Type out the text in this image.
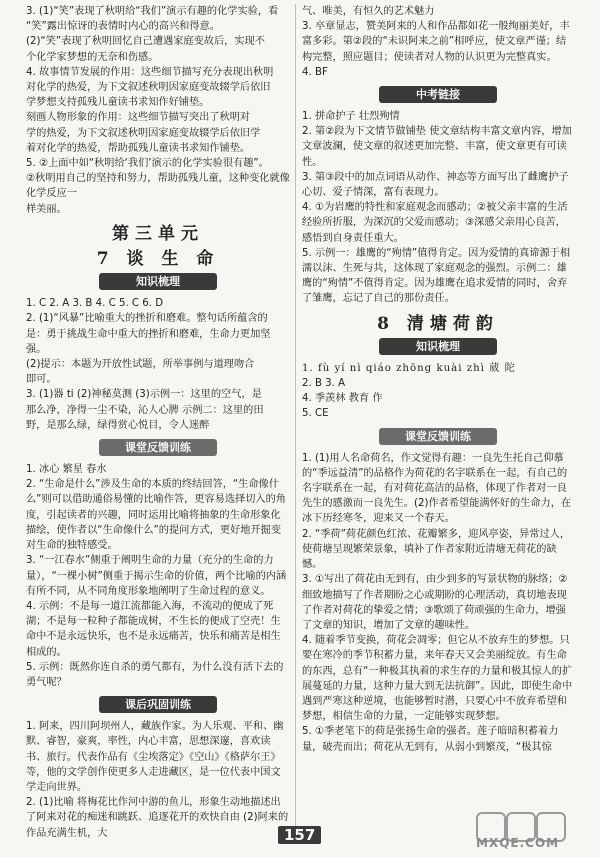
3. (1)“笑”表现了秋明给“我们”演示有趣的化学实验，看
“笑”露出惊讶的表情时内心的高兴和得意。
(2)“笑”表现了秋明回忆自己遭遇家庭变故后，实现不
个化学家梦想的无奈和伤感。
4. 故事情节发展的作用：这些细节描写充分表现出秋明
对化学的热爱，为下文叙述秋明因家庭变故辍学后依旧
学梦想支持孤残儿童读书求知作好铺垫。
刻画人物形象的作用：这些细节描写突出了秋明对
学的热爱，为下文叙述秋明因家庭变故辍学后依旧学
着对化学的热爱，帮助孤残儿童读书求知作铺垫。
5. ②上面中如“秋明给‘我们’演示的化学实验很有趣”。
②秋明用自己的坚持和努力，帮助孤残儿童，这种变化就像化学反应一
样美丽。
第三单元
7 谈 生 命
知识梳理
1. C 2. A 3. B 4. C 5. C 6. D
2. (1)“风暴”比喻重大的挫折和磨难。整句话所蕴含的
是：勇于挑战生命中重大的挫折和磨难，生命力更加坚强。
(2)提示：本题为开放性试题，所举事例与道理吻合
即可。
3. (1)器 ti (2)神秘莫测 (3)示例一：这里的空气，是
那么净，净得一尘不染，沁人心脾 示例二：这里的田
野，是那么绿，绿得赏心悦目，令人迷醉
课堂反馈训练
1. 冰心 繁星 春水
2. “生命是什么”涉及生命的本质的终结回答，“生命像什么”则可以借助通俗易懂的比喻作答，更容易选择切入的角度，引起读者的兴趣，同时运用比喻将抽象的生命形象化描绘，使作者以“生命像什么”的提问方式，更好地开掘变对生命的独特感受。
3. “一江春水”侧重于阐明生命的力量（充分的生命的力量），“一棵小树”侧重于揭示生命的价值，两个比喻的内涵有所不同，从不同角度形象地阐明了生命过程的意义。
4. 示例：不是每一道江流都能入海，不流动的便成了死湖；不是每一粒种子都能成树，不生长的便成了空壳！生命中不是永远快乐，也不是永远痛苦，快乐和痛苦是相生相成的。
5. 示例：既然你连自杀的勇气都有，为什么没有活下去的勇气呢？
课后巩固训练
1. 阿来，四川阿坝州人，藏族作家。为人乐观、平和、幽默、睿智，豪爽，率性，内心丰富，思想深邃，喜欢读书、旅行。代表作品有《尘埃落定》《空山》《格萨尔王》等，他的文学创作使更多人走进藏区，是一位代表中国文学走向世界。
2. (1)比喻 将梅花比作河中游的鱼儿，形象生动地描述出了阿来对花的痴迷和跳跃、追逐花开的欢快自由 (2)阿来的作品充满生机，大
气、唯美，有恒久的艺术魅力
3. 卒章显志，赞美阿来的人和作品都如花一般绚丽美好，丰富多彩。第②段的“未识阿来之前”相呼应，使文章严谨；结构完整，照应题目；使读者对人物的认识更为完整真实。
4. BF
中考链接
1. 拼命护子 壮烈殉情
2. 第②段为下文情节做铺垫 使文章结构丰富文章内容，增加文章波澜，使文章的叙述更加完整、丰富，使文章更有可读性。
3. 第③段中的加点词语从动作、神态等方面写出了雌鹰护子心切、爱子情深，富有表现力。
4. ①为岩鹰的特性和家庭观念而感动；②被父亲丰富的生活经验所折服，为深沉的父爱而感动；③深感父亲用心良苦，感悟到自身责任重大。
5. 示例一：雄鹰的“殉情”值得肯定。因为爱情的真谛源于相濡以沫、生死与共，这体现了家庭观念的强烈。示例二：雄鹰的“殉情”不值得肯定。因为雄鹰在追求爱情的同时，舍弃了雏鹰，忘记了自己的那份责任。
8 清塘荷韵
知识梳理
1. fù yí nì qiáo zhōng kuài zhì 葳 陀
2. B 3. A
4. 季羡林 教育 作
5. CE
课堂反馈训练
1. (1)用人名命荷名，作文觉得有趣：一良先生托自己仰慕的“季远益清”的品格作为荷花的名字联系在一起，有自己的名字联系在一起，有对荷花高洁的品格，体现了作者对一良先生的感激而一良先生。(2)作者希望能满怀好的生命力，在冰下历经寒冬，迎来又一个春天。
2. “季荷”荷花颜色红浓、花瓣繁多，迎风亭姿，异常过人，使荷塘呈现繁荣景象，填补了作者家附近清塘无荷花的缺憾。
3. ①写出了荷花由无到有，由少到多的写景状物的脉络；②细致地描写了作者期盼之心或期盼的心理活动，真切地表现了作者对荷花的挚爱之情；③歌颂了荷顽强的生命力，增强了文章的知识，增加了文章的趣味性。
4. 随着季节变换，荷花会凋零；但它从不放弃生的梦想。只要在寒冷的季节积蓄力量，来年春天又会美丽绽放。有生命的东西，总有“一种极其执着的求生存的力量和极其惊人的扩展蔓延的力量，这种力量大到无法抗御”。因此，即使生命中遇到严寒这种逆境，也能够暂时潜，只要心中不放弃希望和梦想，相信生命的力量，一定能够实现梦想。
5. ①季老笔下的荷是张扬生命的强者。莲子暗暗积蓄着力量，破壳而出；荷花从无到有，从弱小到繁茂，“极其惊
157	MXQE.COM
